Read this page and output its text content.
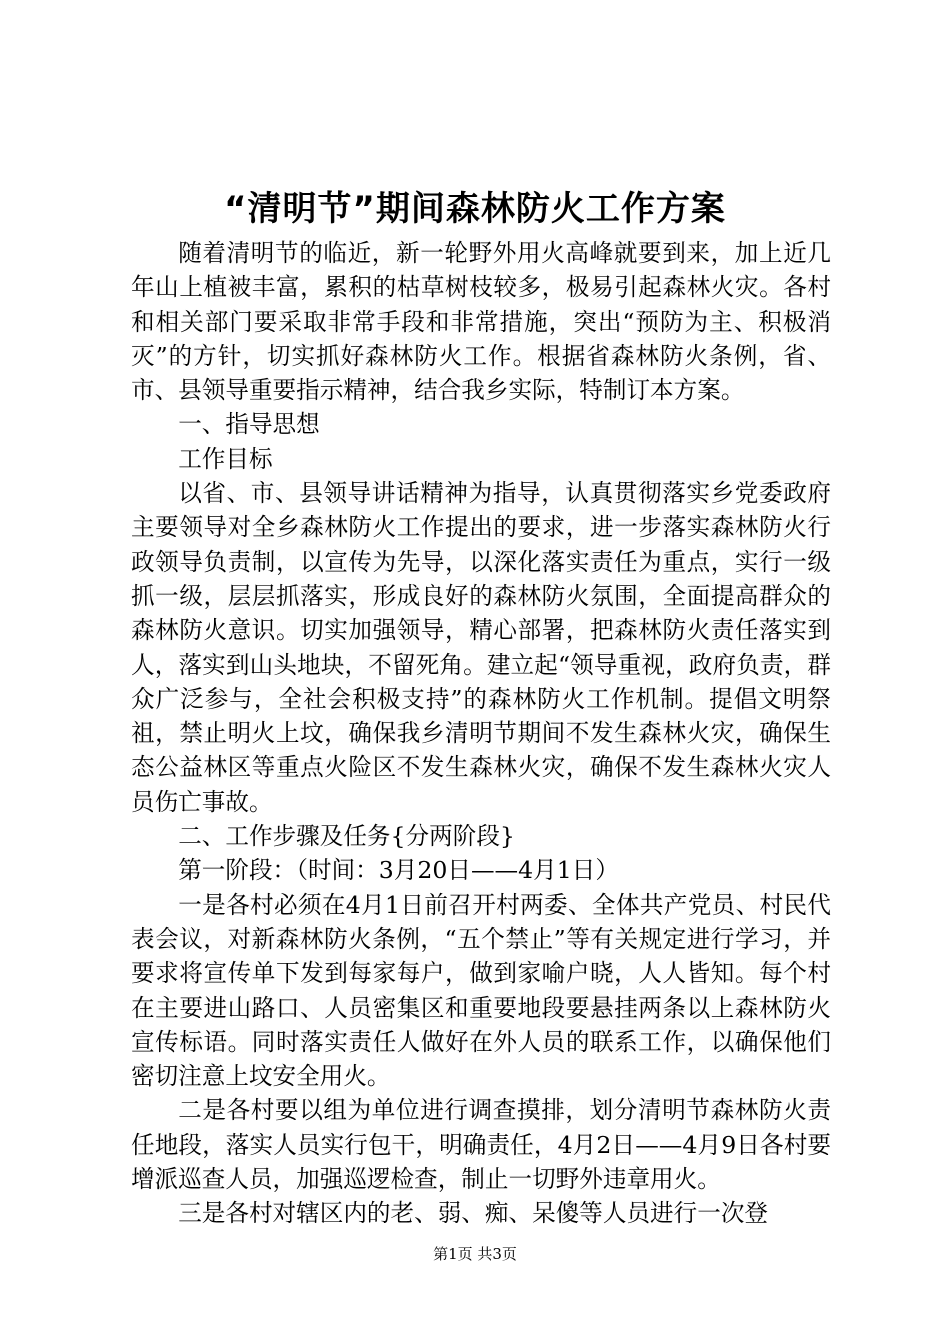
“清明节”期间森林防火工作方案

随着清明节的临近，新一轮野外用火高峰就要到来，加上近几年山上植被丰富，累积的枯草树枝较多，极易引起森林火灾。各村和相关部门要采取非常手段和非常措施，突出“预防为主、积极消灭”的方针，切实抓好森林防火工作。根据省森林防火条例，省、市、县领导重要指示精神，结合我乡实际，特制订本方案。

一、指导思想

工作目标

以省、市、县领导讲话精神为指导，认真贯彻落实乡党委政府主要领导对全乡森林防火工作提出的要求，进一步落实森林防火行政领导负责制，以宣传为先导，以深化落实责任为重点，实行一级抓一级，层层抓落实，形成良好的森林防火氛围，全面提高群众的森林防火意识。切实加强领导，精心部署，把森林防火责任落实到人，落实到山头地块，不留死角。建立起“领导重视，政府负责，群众广泛参与，全社会积极支持”的森林防火工作机制。提倡文明祭祖，禁止明火上坟，确保我乡清明节期间不发生森林火灾，确保生态公益林区等重点火险区不发生森林火灾，确保不发生森林火灾人员伤亡事故。

二、工作步骤及任务{分两阶段}

第一阶段：（时间：3月20日——4月1日）

一是各村必须在4月1日前召开村两委、全体共产党员、村民代表会议，对新森林防火条例，“五个禁止”等有关规定进行学习，并要求将宣传单下发到每家每户，做到家喻户晓，人人皆知。每个村在主要进山路口、人员密集区和重要地段要悬挂两条以上森林防火宣传标语。同时落实责任人做好在外人员的联系工作，以确保他们密切注意上坟安全用火。

二是各村要以组为单位进行调查摸排，划分清明节森林防火责任地段，落实人员实行包干，明确责任，4月2日——4月9日各村要增派巡查人员，加强巡逻检查，制止一切野外违章用火。

三是各村对辖区内的老、弱、痴、呆傻等人员进行一次登

第1页 共3页
